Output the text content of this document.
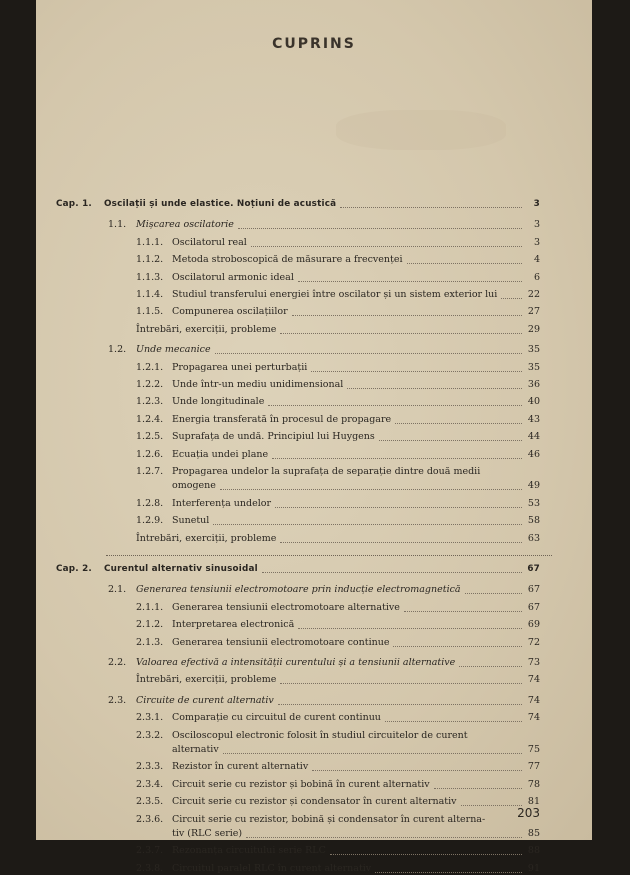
CUPRINS
Cap. 1. Oscilații și unde elastice. Noțiuni de acustică	3
1.1. Mișcarea oscilatorie	3
1.1.1. Oscilatorul real	3
1.1.2. Metoda stroboscopică de măsurare a frecvenței	4
1.1.3. Oscilatorul armonic ideal	6
1.1.4. Studiul transferului energiei între oscilator și un sistem exterior lui	22
1.1.5. Compunerea oscilațiilor	27
Întrebări, exerciții, probleme	29
1.2. Unde mecanice	35
1.2.1. Propagarea unei perturbații	35
1.2.2. Unde într-un mediu unidimensional	36
1.2.3. Unde longitudinale	40
1.2.4. Energia transferată în procesul de propagare	43
1.2.5. Suprafața de undă. Principiul lui Huygens	44
1.2.6. Ecuația undei plane	46
1.2.7. Propagarea undelor la suprafața de separație dintre două medii
omogene	49
1.2.8. Interferența undelor	53
1.2.9. Sunetul	58
Întrebări, exerciții, probleme	63
Cap. 2. Curentul alternativ sinusoidal	67
2.1. Generarea tensiunii electromotoare prin inducție electromagnetică	67
2.1.1. Generarea tensiunii electromotoare alternative	67
2.1.2. Interpretarea electronică	69
2.1.3. Generarea tensiunii electromotoare continue	72
2.2. Valoarea efectivă a intensității curentului și a tensiunii alternative	73
Întrebări, exerciții, probleme	74
2.3. Circuite de curent alternativ	74
2.3.1. Comparație cu circuitul de curent continuu	74
2.3.2. Osciloscopul electronic folosit în studiul circuitelor de curent
alternativ	75
2.3.3. Rezistor în curent alternativ	77
2.3.4. Circuit serie cu rezistor și bobină în curent alternativ	78
2.3.5. Circuit serie cu rezistor și condensator în curent alternativ	81
2.3.6. Circuit serie cu rezistor, bobină și condensator în curent alterna-
tiv (RLC serie)	85
2.3.7. Rezonanța circuitului serie RLC	88
2.3.8. Circuitul paralel RLC în curent alternativ	91
203
